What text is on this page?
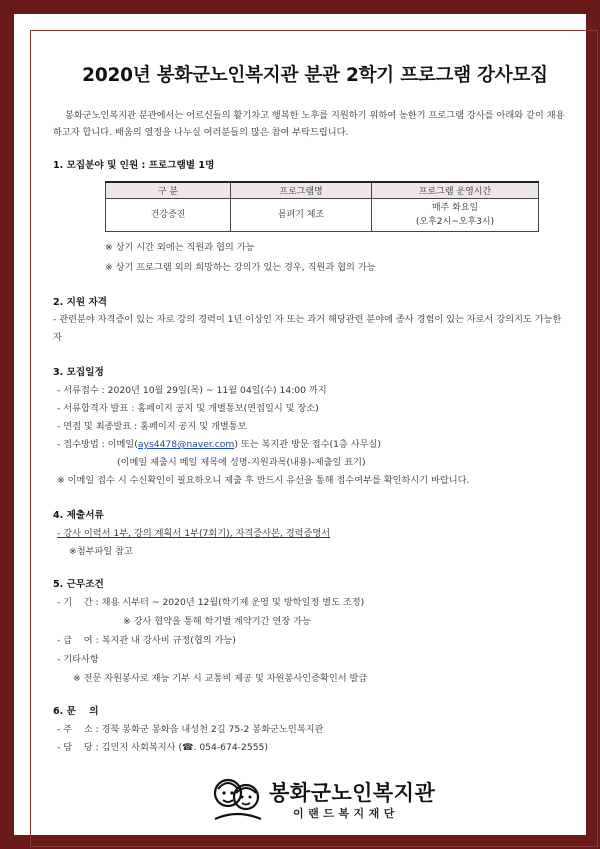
2020년 봉화군노인복지관 분관 2학기 프로그램 강사모집
봉화군노인복지관 분관에서는 어르신들의 활기차고 행복한 노후를 지원하기 위하여 농한기 프로그램 강사를 아래와 같이 채용하고자 합니다. 배움의 열정을 나누실 여러분들의 많은 참여 부탁드립니다.
1. 모집분야 및 인원 : 프로그램별 1명
구 분	프로그램명	프로그램 운영시간
건강증진	몸펴기 체조	매주 화요일
(오후2시~오후3시)
※ 상기 시간 외에는 직원과 협의 가능
※ 상기 프로그램 외의 희망하는 강의가 있는 경우, 직원과 협의 가능
2. 지원 자격
- 관련분야 자격증이 있는 자로 강의 경력이 1년 이상인 자 또는 과거 해당관련 분야에 종사 경험이 있는 자로서 강의지도 가능한 자
3. 모집일정
- 서류접수 : 2020년 10월 29일(목) ~ 11월 04일(수) 14:00 까지
- 서류합격자 발표 : 홈페이지 공지 및 개별통보(면접일시 및 장소)
- 면접 및 최종발표 : 홈페이지 공지 및 개별통보
- 접수방법 : 이메일(ays4478@naver.com) 또는 복지관 방문 접수(1층 사무실)
(이메일 제출시 메일 제목에 성명-지원과목(내용)-제출일 표기)
※ 이메일 접수 시 수신확인이 필요하오니 제출 후 반드시 유선을 통해 접수여부를 확인하시기 바랍니다.
4. 제출서류
- 강사 이력서 1부, 강의 계획서 1부(7회기), 자격증사본, 경력증명서
※첨부파일 참고
5. 근무조건
- 기    간 : 채용 시부터 ~ 2020년 12월(학기제 운영 및 방학일정 별도 조정)
※ 강사 협약을 통해 학기별 계약기간 연장 가능
- 급    여 : 복지관 내 강사비 규정(협의 가능)
- 기타사항
※ 전문 자원봉사로 재능 기부 시 교통비 제공 및 자원봉사인증확인서 발급
6. 문    의
- 주    소 : 경북 봉화군 봉화읍 내성천 2길 75-2 봉화군노인복지관
- 담    당 : 김민지 사회복지사 (☎. 054-674-2555)
봉화군노인복지관
이랜드복지재단
